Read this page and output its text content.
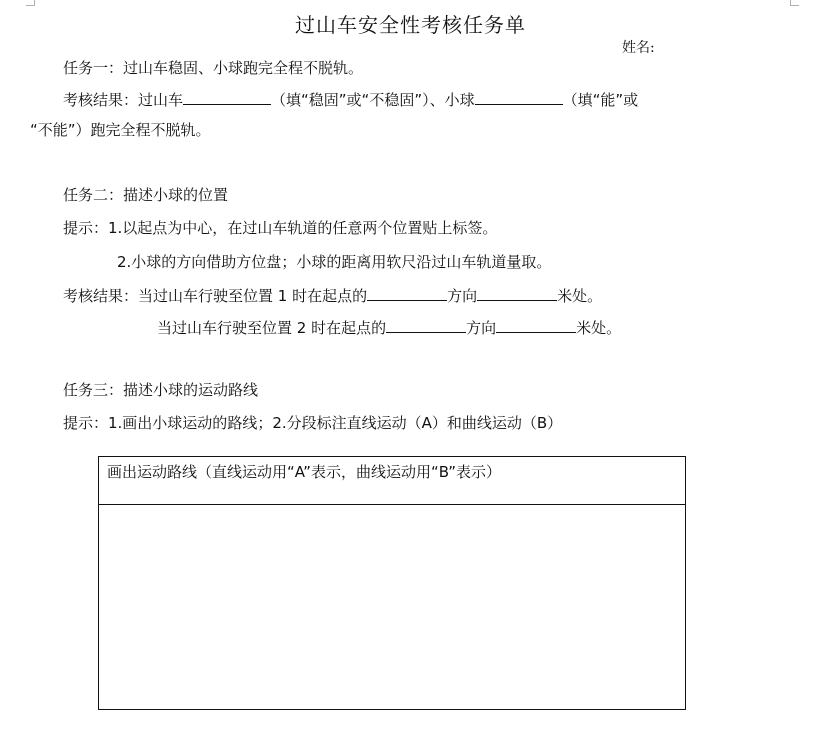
过山车安全性考核任务单
姓名:
任务一：过山车稳固、小球跑完全程不脱轨。
考核结果：过山车	（填“稳固”或“不稳固”）、小球	（填“能”或
“不能”）跑完全程不脱轨。
任务二：描述小球的位置
提示：1.以起点为中心，在过山车轨道的任意两个位置贴上标签。
2.小球的方向借助方位盘；小球的距离用软尺沿过山车轨道量取。
考核结果：当过山车行驶至位置 1 时在起点的	方向	米处。
当过山车行驶至位置 2 时在起点的	方向	米处。
任务三：描述小球的运动路线
提示：1.画出小球运动的路线；2.分段标注直线运动（A）和曲线运动（B）
画出运动路线（直线运动用“A”表示，曲线运动用“B”表示）
